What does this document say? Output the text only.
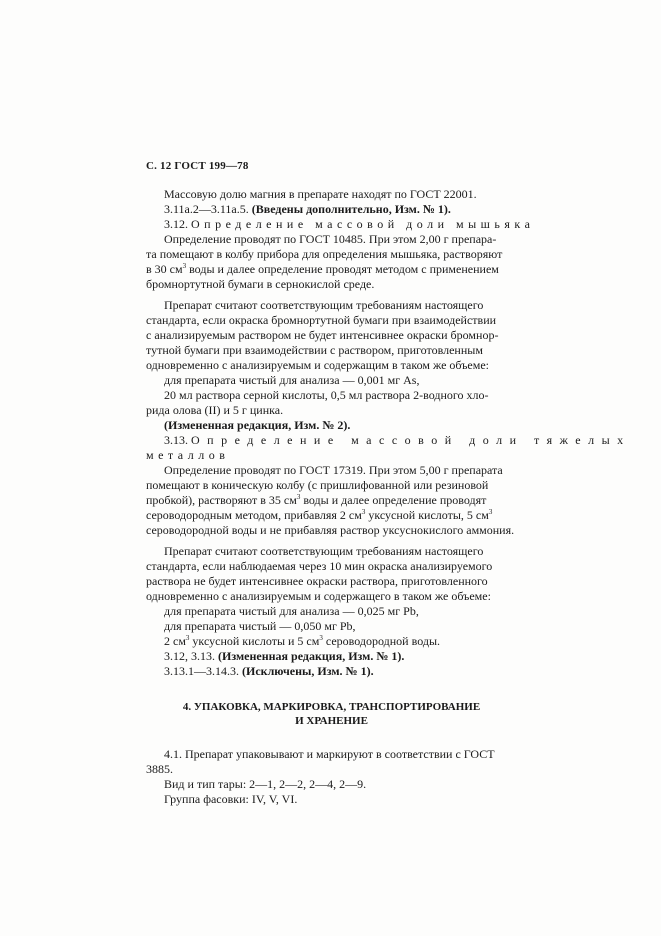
С. 12 ГОСТ 199—78
Массовую долю магния в препарате находят по ГОСТ 22001.
3.11а.2—3.11а.5. (Введены дополнительно, Изм. № 1).
3.12. Определение массовой доли мышьяка
Определение проводят по ГОСТ 10485. При этом 2,00 г препара-
та помещают в колбу прибора для определения мышьяка, растворяют
в 30 $см^3$ воды и далее определение проводят методом с применением
бромнортутной бумаги в сернокислой среде.
Препарат считают соответствующим требованиям настоящего
стандарта, если окраска бромнортутной бумаги при взаимодействии
с анализируемым раствором не будет интенсивнее окраски бромнор-
тутной бумаги при взаимодействии с раствором, приготовленным
одновременно с анализируемым и содержащим в таком же объеме:
для препарата чистый для анализа — 0,001 мг As,
20 мл раствора серной кислоты, 0,5 мл раствора 2-водного хло-
рида олова (II) и 5 г цинка.
(Измененная редакция, Изм. № 2).
3.13. Определение массовой доли тяжелых
металлов
Определение проводят по ГОСТ 17319. При этом 5,00 г препарата
помещают в коническую колбу (с пришлифованной или резиновой
пробкой), растворяют в 35 $см^3$ воды и далее определение проводят
сероводородным методом, прибавляя 2 $см^3$ уксусной кислоты, 5 $см^3$
сероводородной воды и не прибавляя раствор уксуснокислого аммония.
Препарат считают соответствующим требованиям настоящего
стандарта, если наблюдаемая через 10 мин окраска анализируемого
раствора не будет интенсивнее окраски раствора, приготовленного
одновременно с анализируемым и содержащего в таком же объеме:
для препарата чистый для анализа — 0,025 мг Pb,
для препарата чистый — 0,050 мг Pb,
2 $см^3$ уксусной кислоты и 5 $см^3$ сероводородной воды.
3.12, 3.13. (Измененная редакция, Изм. № 1).
3.13.1—3.14.3. (Исключены, Изм. № 1).
4. УПАКОВКА, МАРКИРОВКА, ТРАНСПОРТИРОВАНИЕ
И ХРАНЕНИЕ
4.1. Препарат упаковывают и маркируют в соответствии с ГОСТ
3885.
Вид и тип тары: 2—1, 2—2, 2—4, 2—9.
Группа фасовки: IV, V, VI.
